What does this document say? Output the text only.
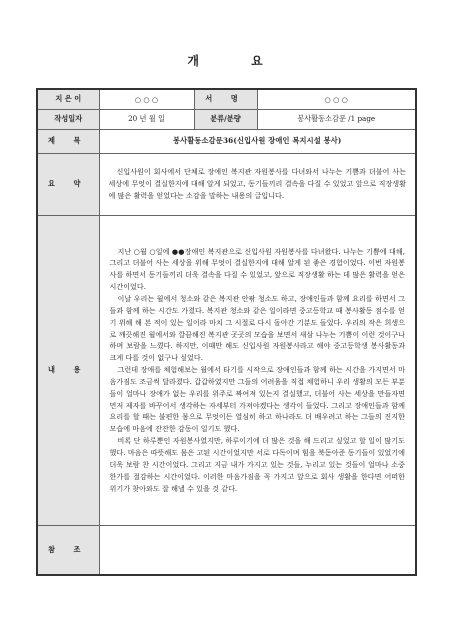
개 요
지 은 이	○ ○ ○	서 명	○ ○ ○
작성일자	20 년 월 일	분류/분량	봉사활동소감문 /1 page
제 목	봉사활동소감문36(신입사원 장애인 복지시설 봉사)		
요 약	신입사원이 회사에서 단체로 장애인 복지관 자원봉사를 다녀와서 나누는 기쁨과 더불어 사는 세상에 무엇이 결실한지에 대해 알게 되었고, 동기들끼리 결속을 다질 수 있었고 앞으로 직장생활에 많은 활력을 얻었다는 소감을 말하는 내용의 글입니다.		

내 용	지난 ○월 ○일에 ●●장애인 복지관으로 신입사원 자원봉사를 다녀왔다. 나누는 기쁨에 대해, 그리고 더불어 사는 세상을 위해 무엇이 결실한지에 대해 알게 된 좋은 경험이었다. 이번 자원봉사를 하면서 동기들끼리 더욱 결속을 다질 수 있었고, 앞으로 직장생활 하는 데 많은 활력을 얻은 시간이었다.

이날 우리는 월에서 청소와 같은 복지관 안팎 청소도 하고, 장애인들과 함께 요리를 하면서 그들과 함께 하는 시간도 가졌다. 복지관 청소와 같은 일이라면 중고등학교 때 봉사활동 점수를 얻기 위해 해 본 적이 있는 일이라 마치 그 시절로 다시 돌아간 기분도 들었다. 우리의 작은 희생으로 깨끗해진 월에서와 깔끔해진 복지관 곳곳의 모습을 보면서 새삼 나누는 기쁨이 이런 것이구나 하며 보람을 느꼈다. 하지만, 이때만 해도 신입사원 자원봉사라고 해야 중고등학생 봉사활동과 크게 다를 것이 없구나 싶었다.

그런데 장애를 체험해보는 월에서 타기를 시작으로 장애인들과 함께 하는 시간을 가지면서 마음가짐도 조금씩 달라졌다. 갑갑하였지만 그들의 어려움을 직접 체험하니 우리 생활의 모든 부분들이 얼마나 장애가 없는 우리를 위주로 짜여져 있는지 결실했고, 더불어 사는 세상을 만들자면 먼저 제자를 바꾸어서 생각하는 자세부터 가져야겠다는 생각이 들었다. 그리고 장애인들과 함께 요리를 할 때는 불편한 몸으로 무엇이든 열심히 하고 하나라도 더 배우려고 하는 그들의 진지한 모습에 마음에 잔잔한 감동이 일기도 했다.

비록 단 하루뿐인 자원봉사였지만, 하루이기에 더 많은 것을 해 드리고 싶었고 할 일이 많기도 했다. 마음은 따뜻해도 몸은 고된 시간이었지만 서로 다독이며 힘을 북돋아준 동기들이 있었기에 더욱 보람 찬 시간이었다. 그리고 지금 내가 가지고 있는 것들, 누리고 있는 것들이 얼마나 소중한가를 절감하는 시간이었다. 이러한 마음가짐을 꼭 가지고 앞으로 회사 생활을 한다면 어떠한 위기가 찾아와도 잘 해낼 수 있을 것 같다.		

참 조			
